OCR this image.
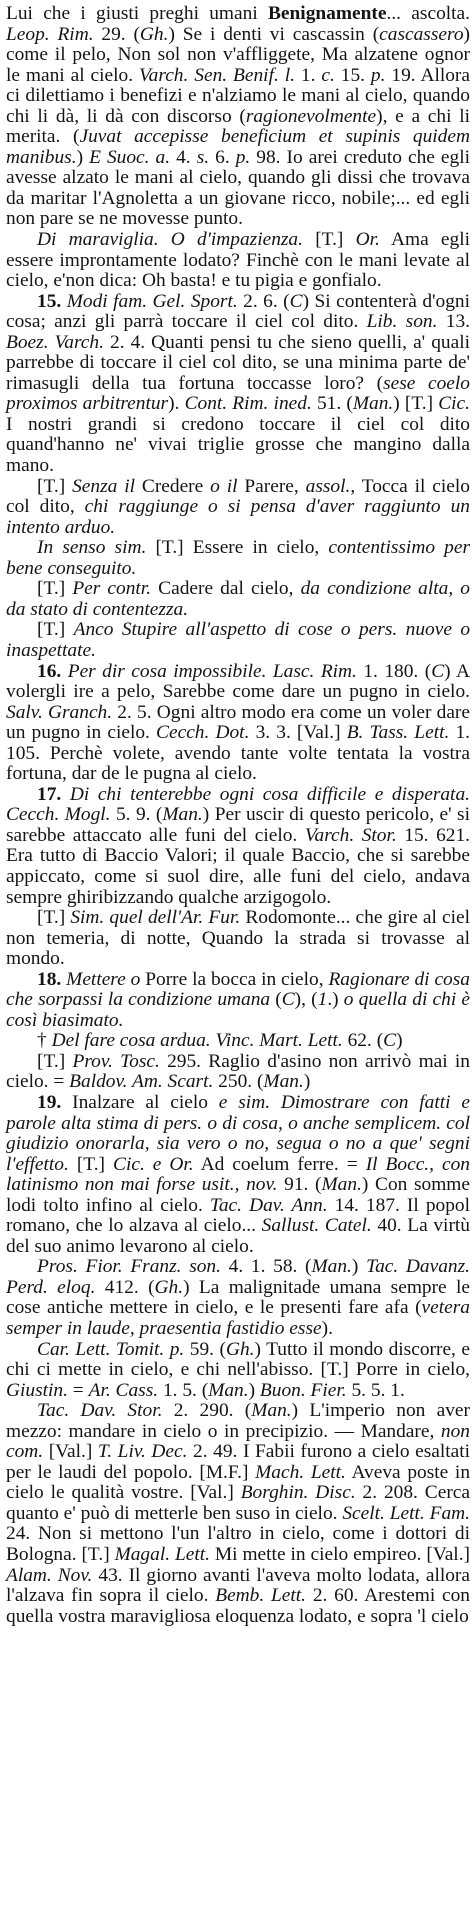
Lui che i giusti preghi umani Benignamente... ascolta. Leop. Rim. 29. (Gh.) Se i denti vi cascassin (cascassero) come il pelo, Non sol non v'affliggete, Ma alzatene ognor le mani al cielo. Varch. Sen. Benif. l. 1. c. 15. p. 19. Allora ci dilettiamo i benefizi e n'alziamo le mani al cielo, quando chi li dà, li dà con discorso (ragionevolmente), e a chi li merita. (Juvat accepisse beneficium et supinis quidem manibus.) E Suoc. a. 4. s. 6. p. 98. Io arei creduto che egli avesse alzato le mani al cielo, quando gli dissi che trovava da maritar l'Agnoletta a un giovane ricco, nobile;... ed egli non pare se ne movesse punto.

Di maraviglia. O d'impazienza. [T.] Or. Ama egli essere improntamente lodato? Finchè con le mani levate al cielo, e'non dica: Oh basta! e tu pigia e gonfialo.

15. Modi fam. Gel. Sport. 2. 6. (C) Si contenterà d'ogni cosa; anzi gli parrà toccare il ciel col dito. Lib. son. 13. Boez. Varch. 2. 4. Quanti pensi tu che sieno quelli, a' quali parrebbe di toccare il ciel col dito, se una minima parte de' rimasugli della tua fortuna toccasse loro? (sese coelo proximos arbitrentur). Cont. Rim. ined. 51. (Man.) [T.] Cic. I nostri grandi si credono toccare il ciel col dito quand'hanno ne' vivai triglie grosse che mangino dalla mano.

[T.] Senza il Credere o il Parere, assol., Tocca il cielo col dito, chi raggiunge o si pensa d'aver raggiunto un intento arduo.

In senso sim. [T.] Essere in cielo, contentissimo per bene conseguito.

[T.] Per contr. Cadere dal cielo, da condizione alta, o da stato di contentezza.

[T.] Anco Stupire all'aspetto di cose o pers. nuove o inaspettate.

16. Per dir cosa impossibile. Lasc. Rim. 1. 180. (C) A volergli ire a pelo, Sarebbe come dare un pugno in cielo. Salv. Granch. 2. 5. Ogni altro modo era come un voler dare un pugno in cielo. Cecch. Dot. 3. 3. [Val.] B. Tass. Lett. 1. 105. Perchè volete, avendo tante volte tentata la vostra fortuna, dar de le pugna al cielo.

17. Di chi tenterebbe ogni cosa difficile e disperata. Cecch. Mogl. 5. 9. (Man.) Per uscir di questo pericolo, e' si sarebbe attaccato alle funi del cielo. Varch. Stor. 15. 621. Era tutto di Baccio Valori; il quale Baccio, che si sarebbe appiccato, come si suol dire, alle funi del cielo, andava sempre ghiribizzando qualche arzigogolo.

[T.] Sim. quel dell'Ar. Fur. Rodomonte... che gire al ciel non temeria, di notte, Quando la strada si trovasse al mondo.

18. Mettere o Porre la bocca in cielo, Ragionare di cosa che sorpassi la condizione umana (C), (1.) o quella di chi è così biasimato.

† Del fare cosa ardua. Vinc. Mart. Lett. 62. (C)

[T.] Prov. Tosc. 295. Raglio d'asino non arrivò mai in cielo. = Baldov. Am. Scart. 250. (Man.)

19. Inalzare al cielo e sim. Dimostrare con fatti e parole alta stima di pers. o di cosa, o anche semplicem. col giudizio onorarla, sia vero o no, segua o no a que' segni l'effetto. [T.] Cic. e Or. Ad coelum ferre. = Il Bocc., con latinismo non mai forse usit., nov. 91. (Man.) Con somme lodi tolto infino al cielo. Tac. Dav. Ann. 14. 187. Il popol romano, che lo alzava al cielo... Sallust. Catel. 40. La virtù del suo animo levarono al cielo.

Pros. Fior. Franz. son. 4. 1. 58. (Man.) Tac. Davanz. Perd. eloq. 412. (Gh.) La malignitade umana sempre le cose antiche mettere in cielo, e le presenti fare afa (vetera semper in laude, praesentia fastidio esse).

Car. Lett. Tomit. p. 59. (Gh.) Tutto il mondo discorre, e chi ci mette in cielo, e chi nell'abisso. [T.] Porre in cielo, Giustin. = Ar. Cass. 1. 5. (Man.) Buon. Fier. 5. 5. 1.

Tac. Dav. Stor. 2. 290. (Man.) L'imperio non aver mezzo: mandare in cielo o in precipizio. — Mandare, non com. [Val.] T. Liv. Dec. 2. 49. I Fabii furono a cielo esaltati per le laudi del popolo. [M.F.] Mach. Lett. Aveva poste in cielo le qualità vostre. [Val.] Borghin. Disc. 2. 208. Cerca quanto e' può di metterle ben suso in cielo. Scelt. Lett. Fam. 24. Non si mettono l'un l'altro in cielo, come i dottori di Bologna. [T.] Magal. Lett. Mi mette in cielo empireo. [Val.] Alam. Nov. 43. Il giorno avanti l'aveva molto lodata, allora l'alzava fin sopra il cielo. Bemb. Lett. 2. 60. Arestemi con quella vostra maravigliosa eloquenza lodato, e sopra 'l cielo
